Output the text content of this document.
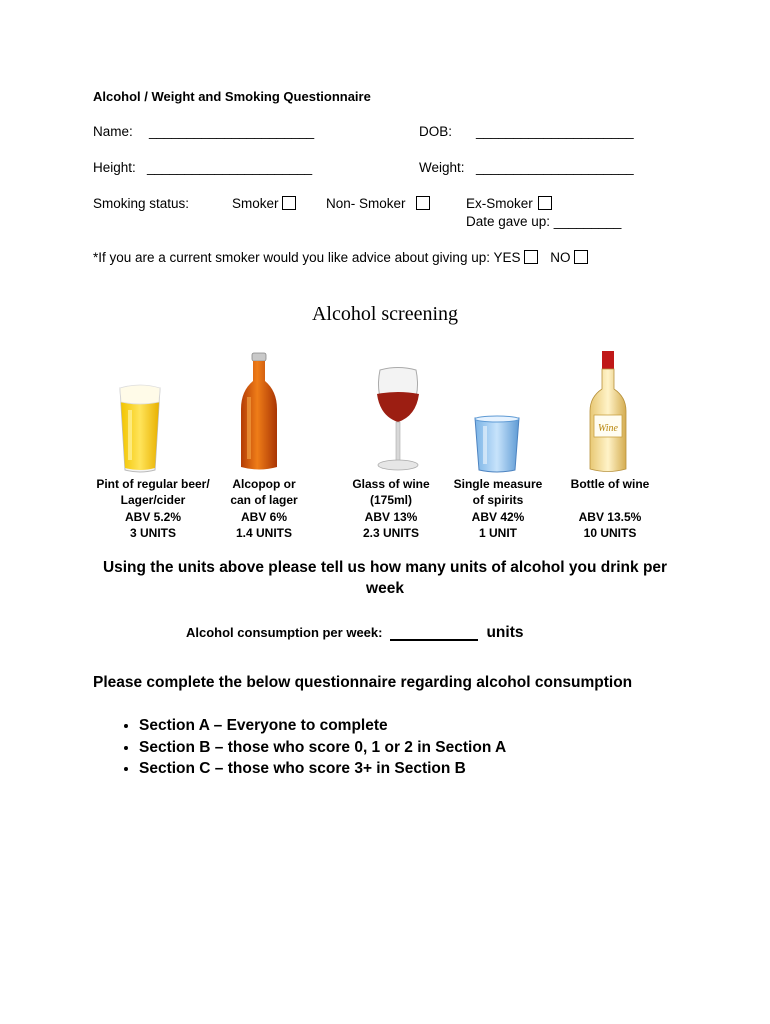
Alcohol / Weight and Smoking Questionnaire
Name: ______________________	DOB: _____________________
Height: ______________________	Weight: _____________________
Smoking status:	Smoker	Non- Smoker	Ex-Smoker
Date gave up: _________
*If you are a current smoker would you like advice about giving up: YES NO
Alcohol screening
Wine
Pint of regular beer/
Lager/cider
ABV 5.2%
3 UNITS
Alcopop or
can of lager
ABV 6%
1.4 UNITS
Glass of wine
(175ml)
ABV 13%
2.3 UNITS
Single measure
of spirits
ABV 42%
1 UNIT
Bottle of wine
ABV 13.5%
10 UNITS
Using the units above please tell us how many units of alcohol you drink per
week
Alcohol consumption per week:	units
Please complete the below questionnaire regarding alcohol consumption
• Section A – Everyone to complete
• Section B – those who score 0, 1 or 2 in Section A
• Section C – those who score 3+ in Section B
